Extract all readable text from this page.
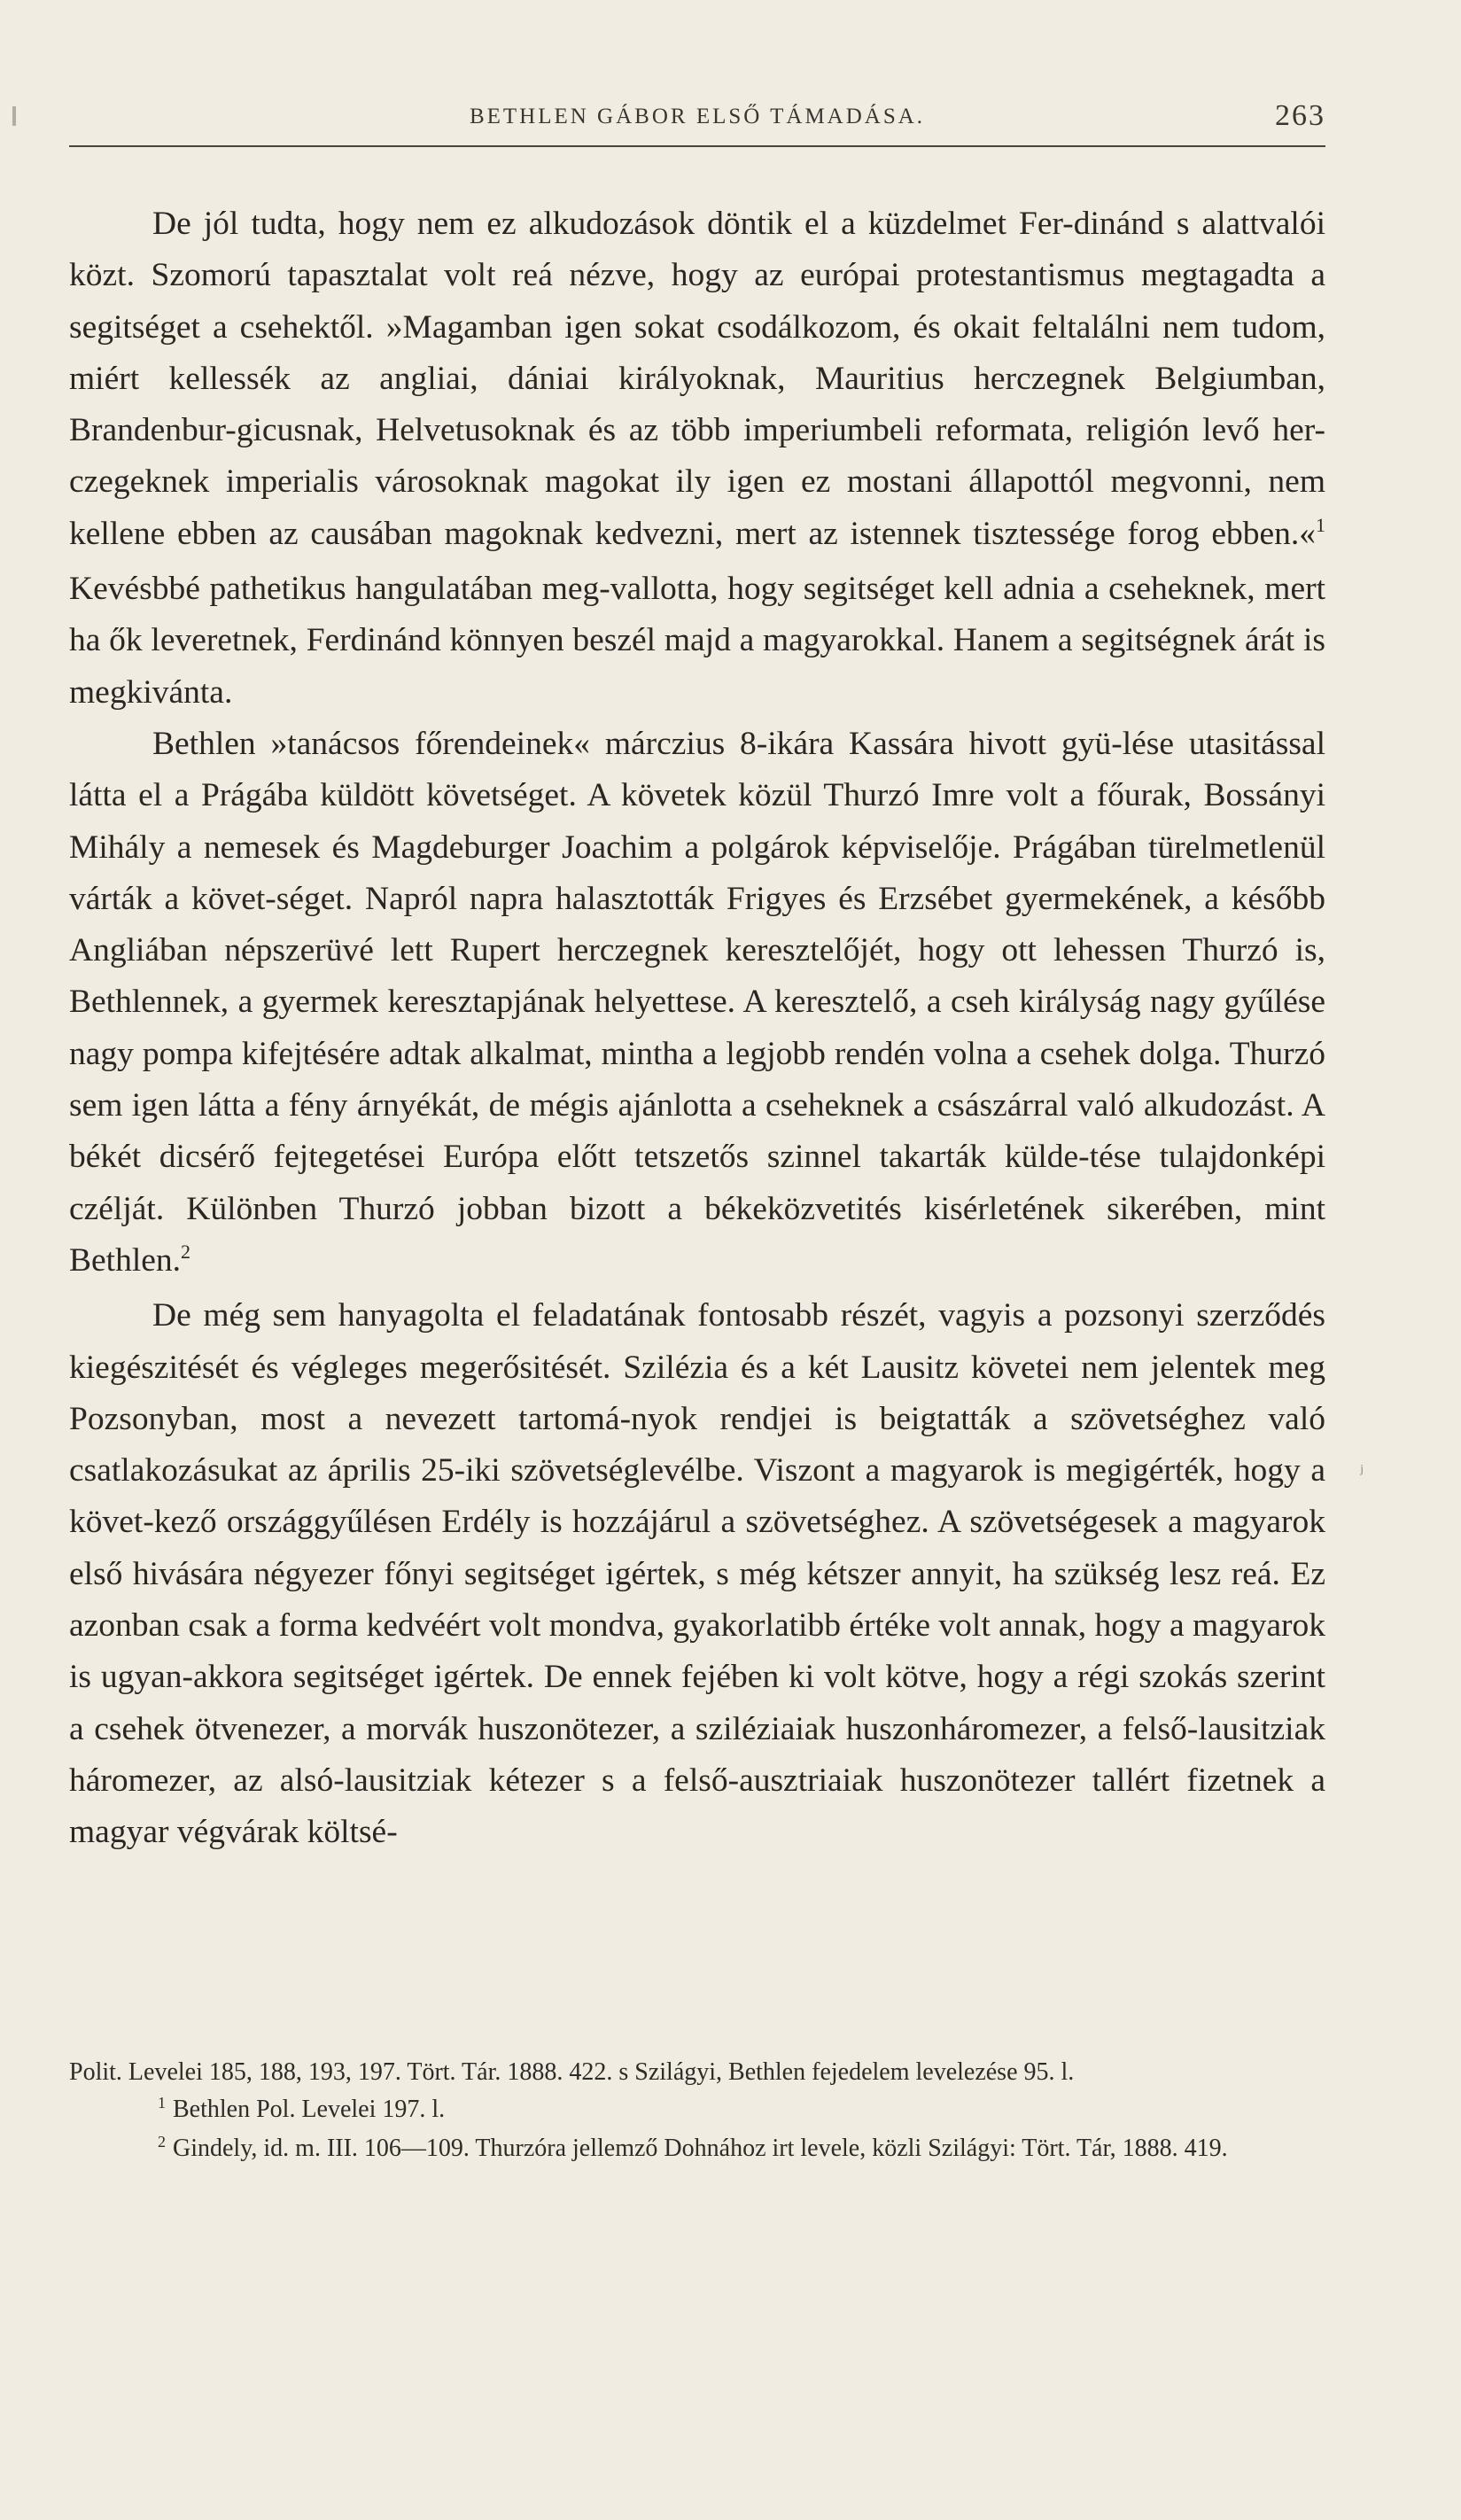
BETHLEN GÁBOR ELSŐ TÁMADÁSA.	263

De jól tudta, hogy nem ez alkudozások döntik el a küzdelmet Fer-dinánd s alattvalói közt. Szomorú tapasztalat volt reá nézve, hogy az európai protestantismus megtagadta a segitséget a csehektől. »Magamban igen sokat csodálkozom, és okait feltalálni nem tudom, miért kellessék az angliai, dániai királyoknak, Mauritius herczegnek Belgiumban, Brandenbur-gicusnak, Helvetusoknak és az több imperiumbeli reformata, religión levő her-czegeknek imperialis városoknak magokat ily igen ez mostani állapottól megvonni, nem kellene ebben az causában magoknak kedvezni, mert az istennek tisztessége forog ebben.«$^1$ Kevésbbé pathetikus hangulatában meg-vallotta, hogy segitséget kell adnia a cseheknek, mert ha ők leveretnek, Ferdinánd könnyen beszél majd a magyarokkal. Hanem a segitségnek árát is megkivánta.

Bethlen »tanácsos főrendeinek« márczius 8-ikára Kassára hivott gyü-lése utasitással látta el a Prágába küldött követséget. A követek közül Thurzó Imre volt a főurak, Bossányi Mihály a nemesek és Magdeburger Joachim a polgárok képviselője. Prágában türelmetlenül várták a követ-séget. Napról napra halasztották Frigyes és Erzsébet gyermekének, a később Angliában népszerüvé lett Rupert herczegnek keresztelőjét, hogy ott lehessen Thurzó is, Bethlennek, a gyermek keresztapjának helyettese. A keresztelő, a cseh királyság nagy gyűlése nagy pompa kifejtésére adtak alkalmat, mintha a legjobb rendén volna a csehek dolga. Thurzó sem igen látta a fény árnyékát, de mégis ajánlotta a cseheknek a császárral való alkudozást. A békét dicsérő fejtegetései Európa előtt tetszetős szinnel takarták külde-tése tulajdonképi czélját. Különben Thurzó jobban bizott a békeközvetités kisérletének sikerében, mint Bethlen.$^2$

De még sem hanyagolta el feladatának fontosabb részét, vagyis a pozsonyi szerződés kiegészitését és végleges megerősitését. Szilézia és a két Lausitz követei nem jelentek meg Pozsonyban, most a nevezett tartomá-nyok rendjei is beigtatták a szövetséghez való csatlakozásukat az április 25-iki szövetséglevélbe. Viszont a magyarok is megigérték, hogy a követ-kező országgyűlésen Erdély is hozzájárul a szövetséghez. A szövetségesek a magyarok első hivására négyezer főnyi segitséget igértek, s még kétszer annyit, ha szükség lesz reá. Ez azonban csak a forma kedvéért volt mondva, gyakorlatibb értéke volt annak, hogy a magyarok is ugyan-akkora segitséget igértek. De ennek fejében ki volt kötve, hogy a régi szokás szerint a csehek ötvenezer, a morvák huszonötezer, a sziléziaiak huszonháromezer, a felső-lausitziak háromezer, az alsó-lausitziak kétezer s a felső-ausztriaiak huszonötezer tallért fizetnek a magyar végvárak költsé-

ʲ

Polit. Levelei 185, 188, 193, 197. Tört. Tár. 1888. 422. s Szilágyi, Bethlen fejedelem levelezése 95. l.

$^1$ Bethlen Pol. Levelei 197. l.

$^2$ Gindely, id. m. III. 106—109. Thurzóra jellemző Dohnához irt levele, közli Szilágyi: Tört. Tár, 1888. 419.
